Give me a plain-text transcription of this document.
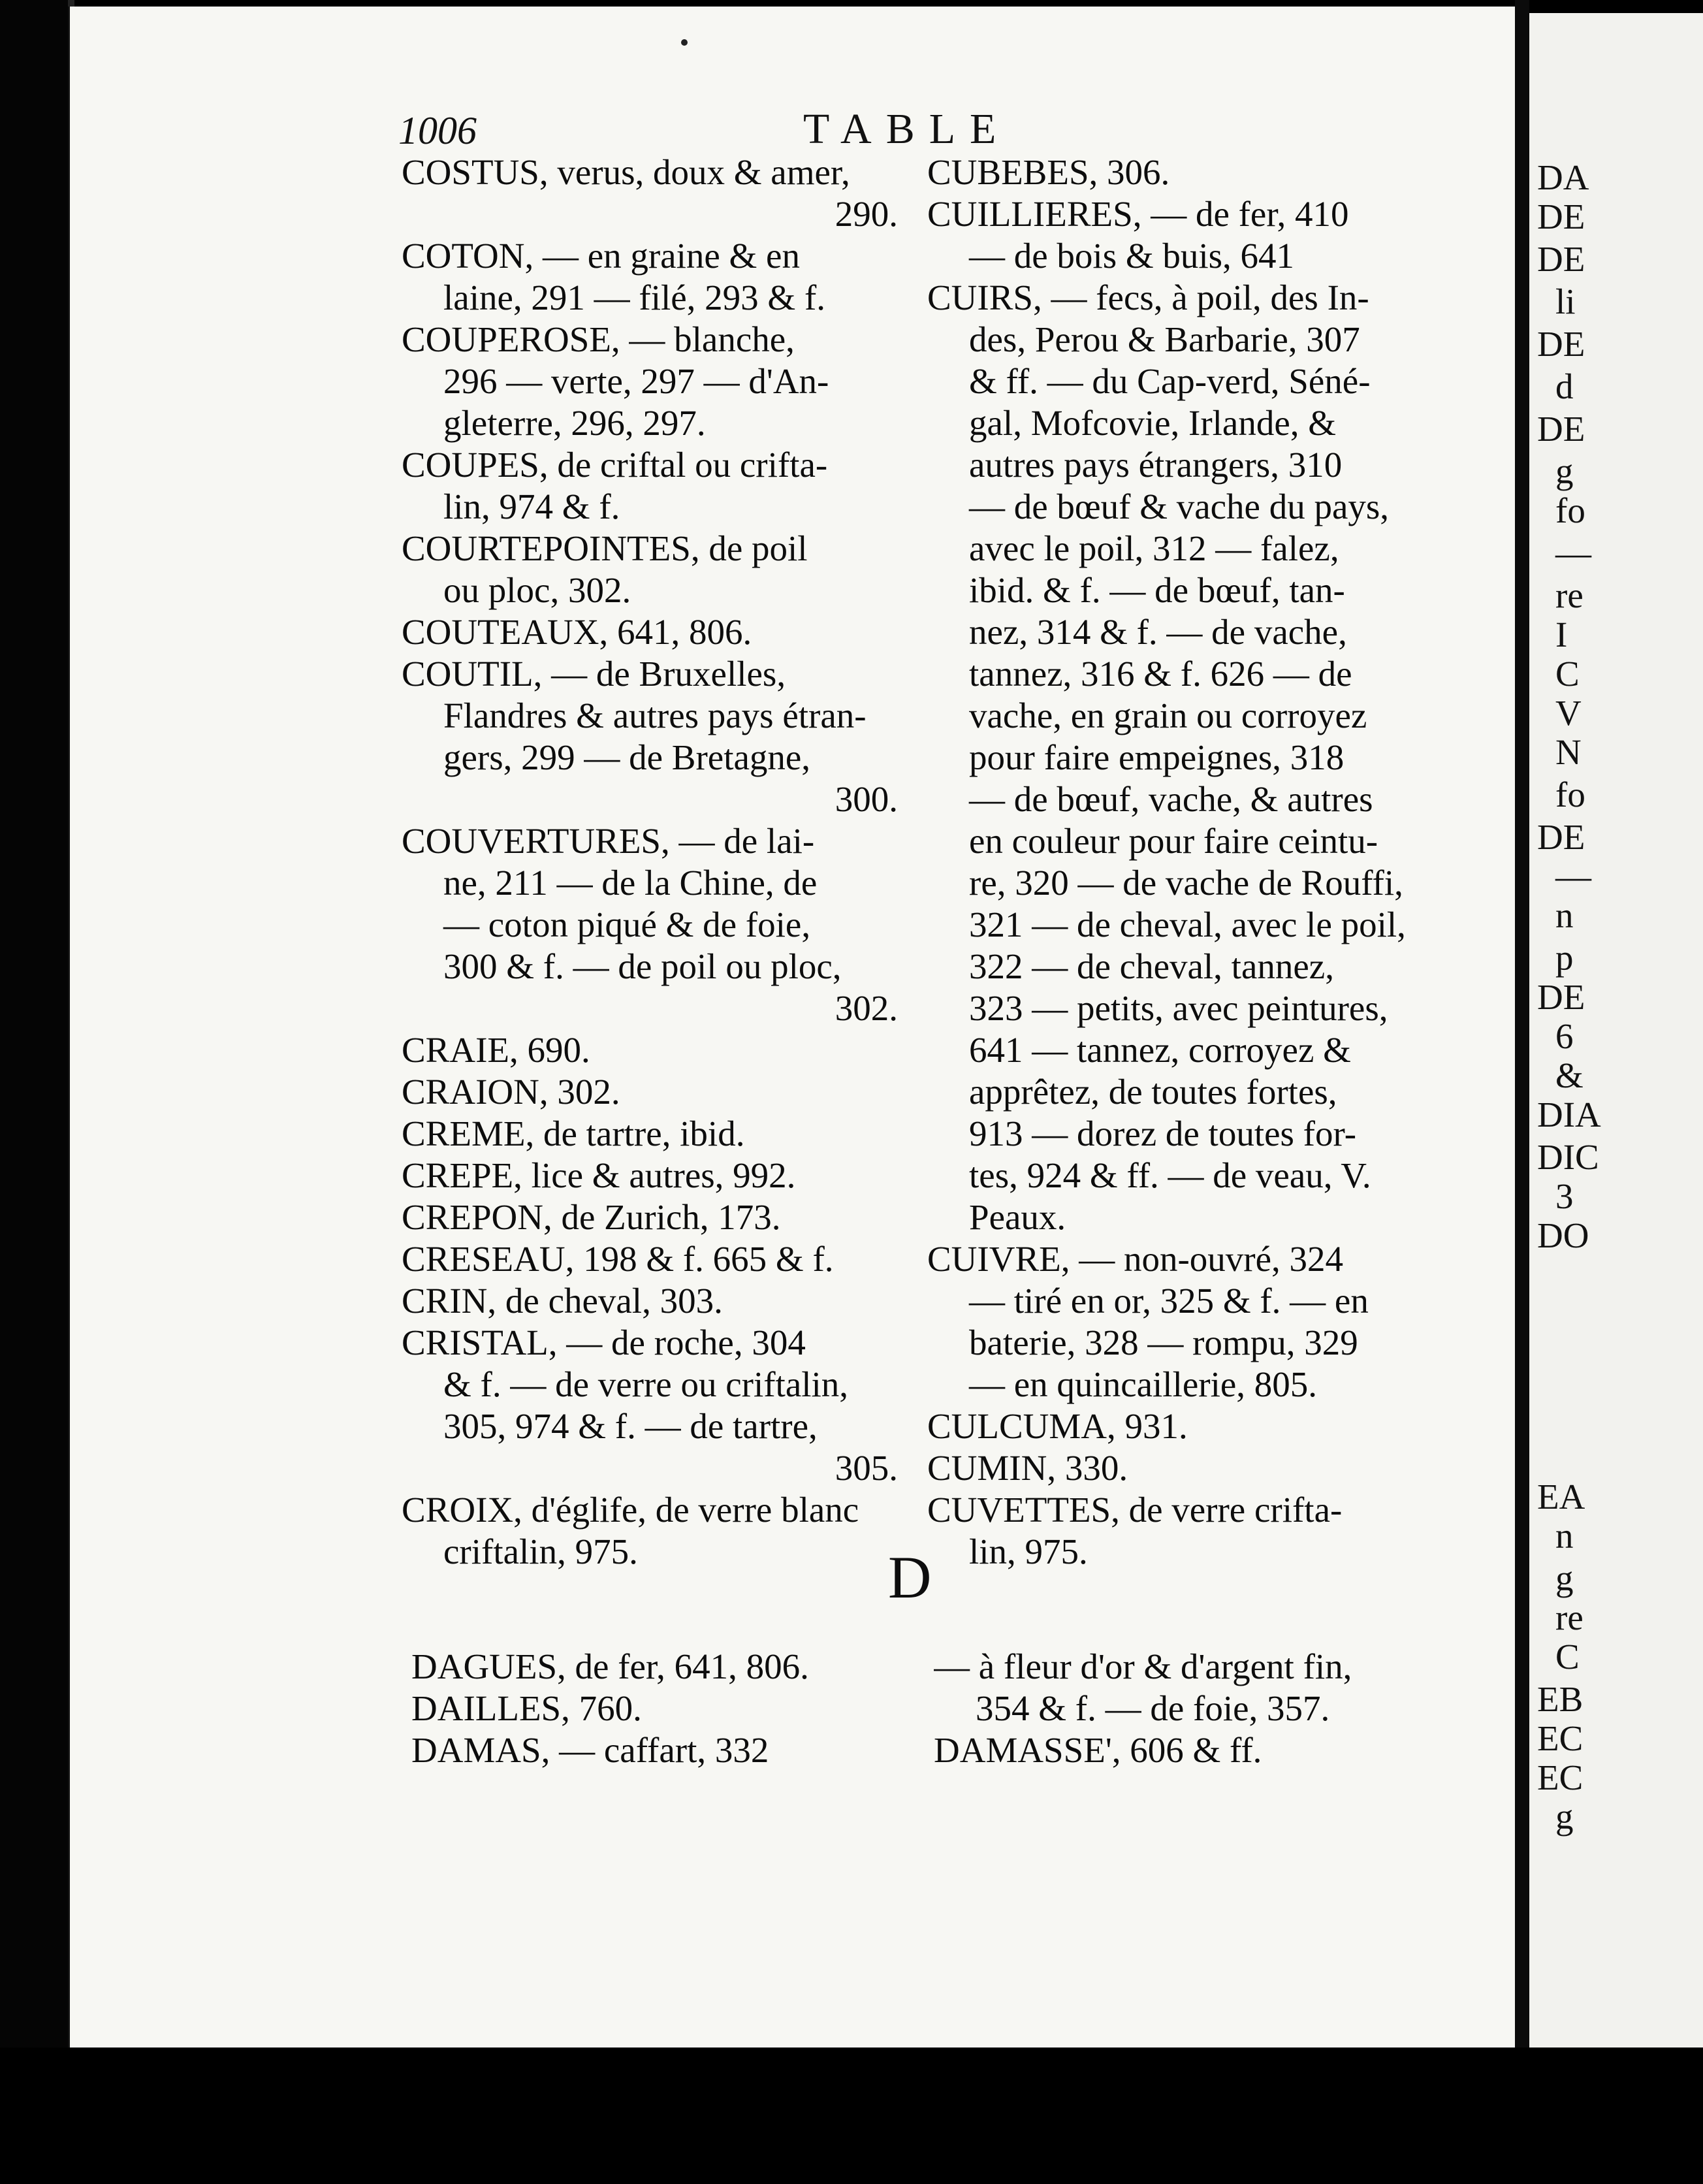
DA
DE
DE
li
DE
d
DE
g
fo
—
re
I
C
V
N
fo
DE
—
n
p
DE
6
&
DIA
DIC
3
DO
EA
n
g
re
C
EB
EC
EC
g
1006	TABLE
COSTUS, verus, doux & amer,
290.
COTON, — en graine & en
laine, 291 — filé, 293 & f.
COUPEROSE, — blanche,
296 — verte, 297 — d'An-
gleterre, 296, 297.
COUPES, de criftal ou crifta-
lin, 974 & f.
COURTEPOINTES, de poil
ou ploc, 302.
COUTEAUX, 641, 806.
COUTIL, — de Bruxelles,
Flandres & autres pays étran-
gers, 299 — de Bretagne,
300.
COUVERTURES, — de lai-
ne, 211 — de la Chine, de
— coton piqué & de foie,
300 & f. — de poil ou ploc,
302.
CRAIE, 690.
CRAION, 302.
CREME, de tartre, ibid.
CREPE, lice & autres, 992.
CREPON, de Zurich, 173.
CRESEAU, 198 & f. 665 & f.
CRIN, de cheval, 303.
CRISTAL, — de roche, 304
& f. — de verre ou criftalin,
305, 974 & f. — de tartre,
305.
CROIX, d'églife, de verre blanc
criftalin, 975.
CUBEBES, 306.
CUILLIERES, — de fer, 410
— de bois & buis, 641
CUIRS, — fecs, à poil, des In-
des, Perou & Barbarie, 307
& ff. — du Cap-verd, Séné-
gal, Mofcovie, Irlande, &
autres pays étrangers, 310
— de bœuf & vache du pays,
avec le poil, 312 — falez,
ibid. & f. — de bœuf, tan-
nez, 314 & f. — de vache,
tannez, 316 & f. 626 — de
vache, en grain ou corroyez
pour faire empeignes, 318
— de bœuf, vache, & autres
en couleur pour faire ceintu-
re, 320 — de vache de Rouffi,
321 — de cheval, avec le poil,
322 — de cheval, tannez,
323 — petits, avec peintures,
641 — tannez, corroyez &
apprêtez, de toutes fortes,
913 — dorez de toutes for-
tes, 924 & ff. — de veau, V.
Peaux.
CUIVRE, — non-ouvré, 324
— tiré en or, 325 & f. — en
baterie, 328 — rompu, 329
— en quincaillerie, 805.
CULCUMA, 931.
CUMIN, 330.
CUVETTES, de verre crifta-
lin, 975.
D
DAGUES, de fer, 641, 806.
DAILLES, 760.
DAMAS, — caffart, 332
— à fleur d'or & d'argent fin,
354 & f. — de foie, 357.
DAMASSE', 606 & ff.
